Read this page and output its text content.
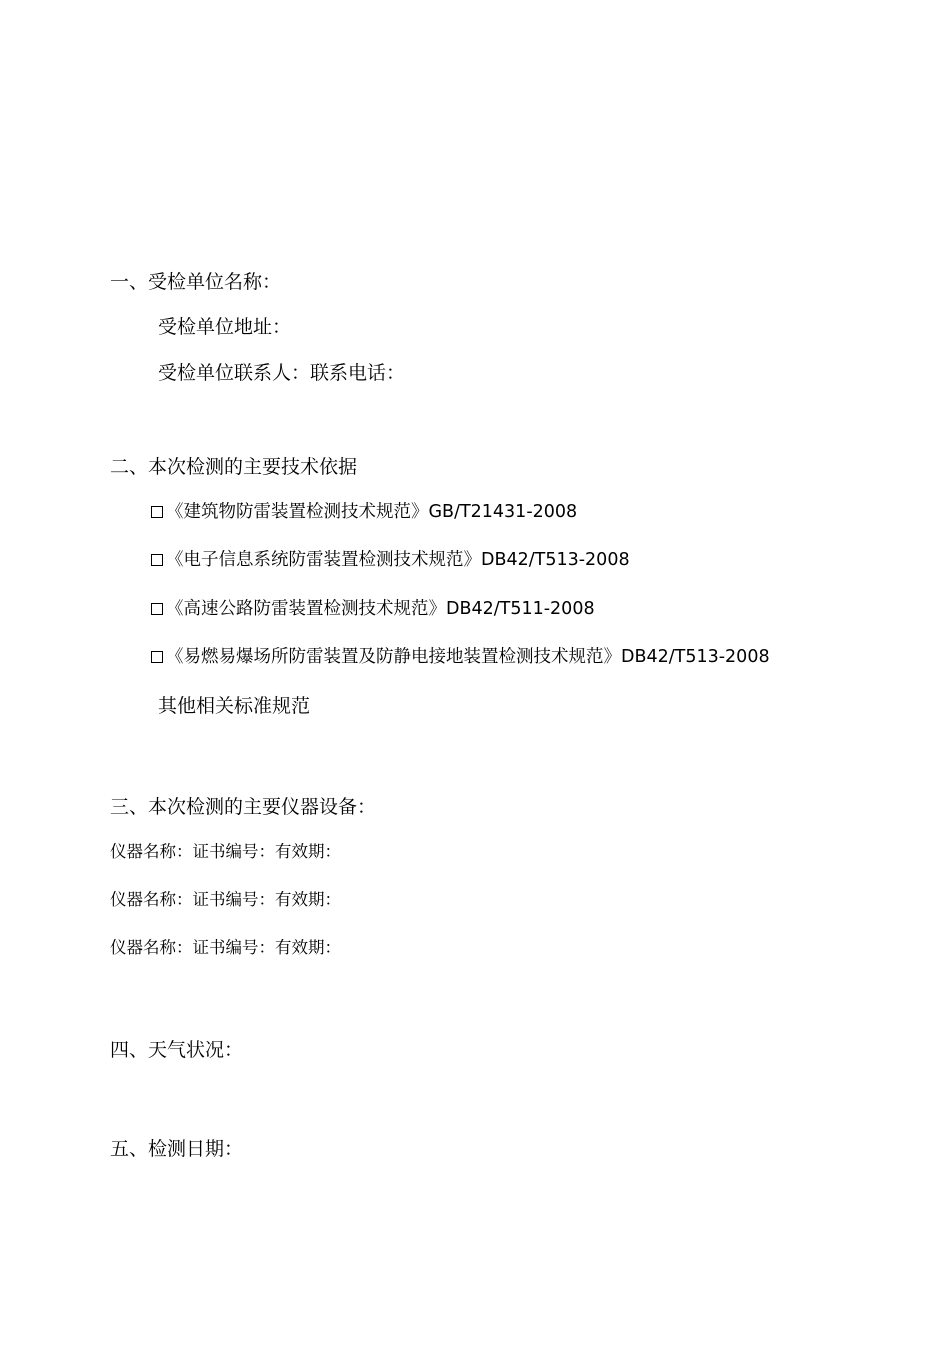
一、受检单位名称：
受检单位地址：
受检单位联系人：联系电话：
二、本次检测的主要技术依据
《建筑物防雷装置检测技术规范》GB/T21431-2008
《电子信息系统防雷装置检测技术规范》DB42/T513-2008
《高速公路防雷装置检测技术规范》DB42/T511-2008
《易燃易爆场所防雷装置及防静电接地装置检测技术规范》DB42/T513-2008
其他相关标准规范
三、本次检测的主要仪器设备：
仪器名称：证书编号：有效期：
仪器名称：证书编号：有效期：
仪器名称：证书编号：有效期：
四、天气状况：
五、检测日期：
